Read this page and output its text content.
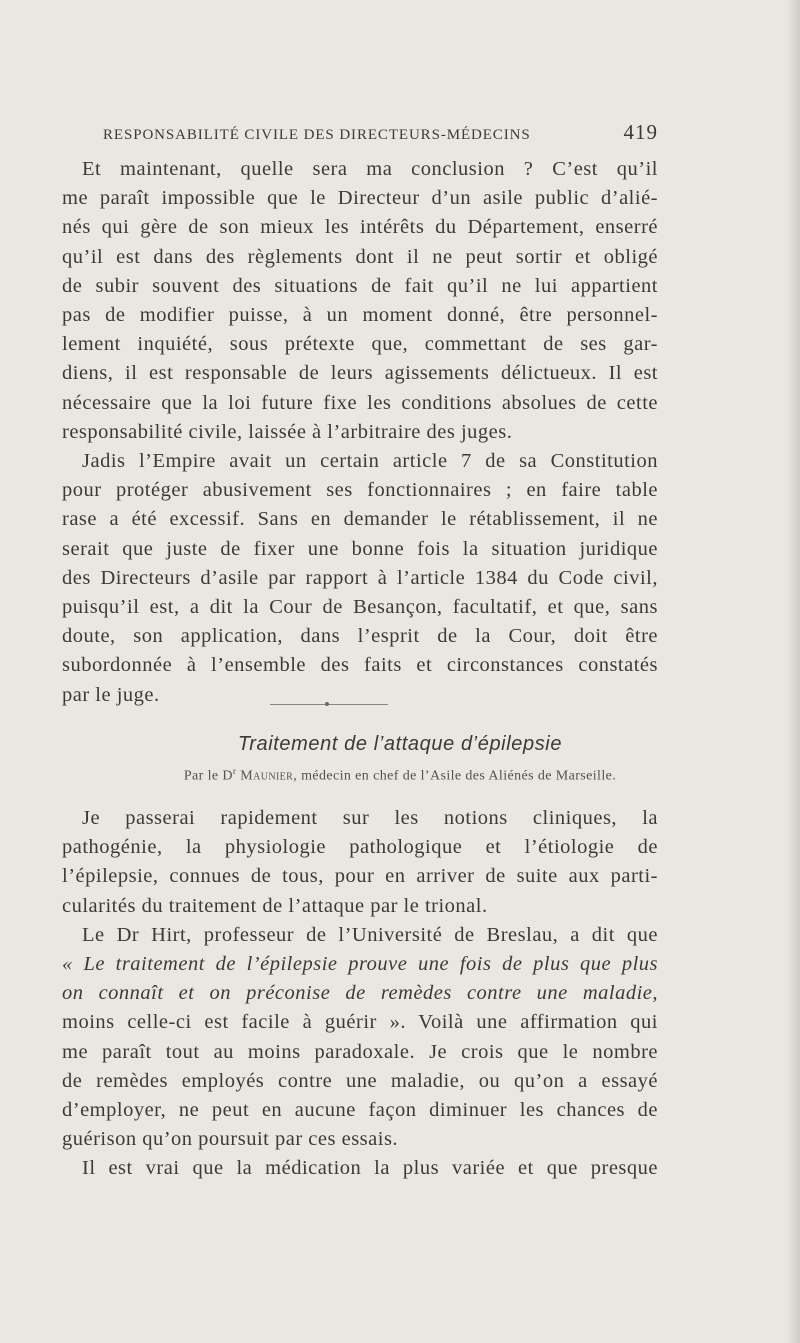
RESPONSABILITÉ CIVILE DES DIRECTEURS-MÉDECINS	419
Et maintenant, quelle sera ma conclusion ? C’est qu’il
me paraît impossible que le Directeur d’un asile public d’alié-
nés qui gère de son mieux les intérêts du Département, enserré
qu’il est dans des règlements dont il ne peut sortir et obligé
de subir souvent des situations de fait qu’il ne lui appartient
pas de modifier puisse, à un moment donné, être personnel-
lement inquiété, sous prétexte que, commettant de ses gar-
diens, il est responsable de leurs agissements délictueux. Il est
nécessaire que la loi future fixe les conditions absolues de cette
responsabilité civile, laissée à l’arbitraire des juges.
Jadis l’Empire avait un certain article 7 de sa Constitution
pour protéger abusivement ses fonctionnaires ; en faire table
rase a été excessif. Sans en demander le rétablissement, il ne
serait que juste de fixer une bonne fois la situation juridique
des Directeurs d’asile par rapport à l’article 1384 du Code civil,
puisqu’il est, a dit la Cour de Besançon, facultatif, et que, sans
doute, son application, dans l’esprit de la Cour, doit être
subordonnée à l’ensemble des faits et circonstances constatés
par le juge.
Traitement de l’attaque d’épilepsie
Par le $D^r$ Maunier, médecin en chef de l’Asile des Aliénés de Marseille.
Je passerai rapidement sur les notions cliniques, la
pathogénie, la physiologie pathologique et l’étiologie de
l’épilepsie, connues de tous, pour en arriver de suite aux parti-
cularités du traitement de l’attaque par le trional.
Le Dr Hirt, professeur de l’Université de Breslau, a dit que
« Le traitement de l’épilepsie prouve une fois de plus que plus
on connaît et on préconise de remèdes contre une maladie,
moins celle-ci est facile à guérir ». Voilà une affirmation qui
me paraît tout au moins paradoxale. Je crois que le nombre
de remèdes employés contre une maladie, ou qu’on a essayé
d’employer, ne peut en aucune façon diminuer les chances de
guérison qu’on poursuit par ces essais.
Il est vrai que la médication la plus variée et que presque
